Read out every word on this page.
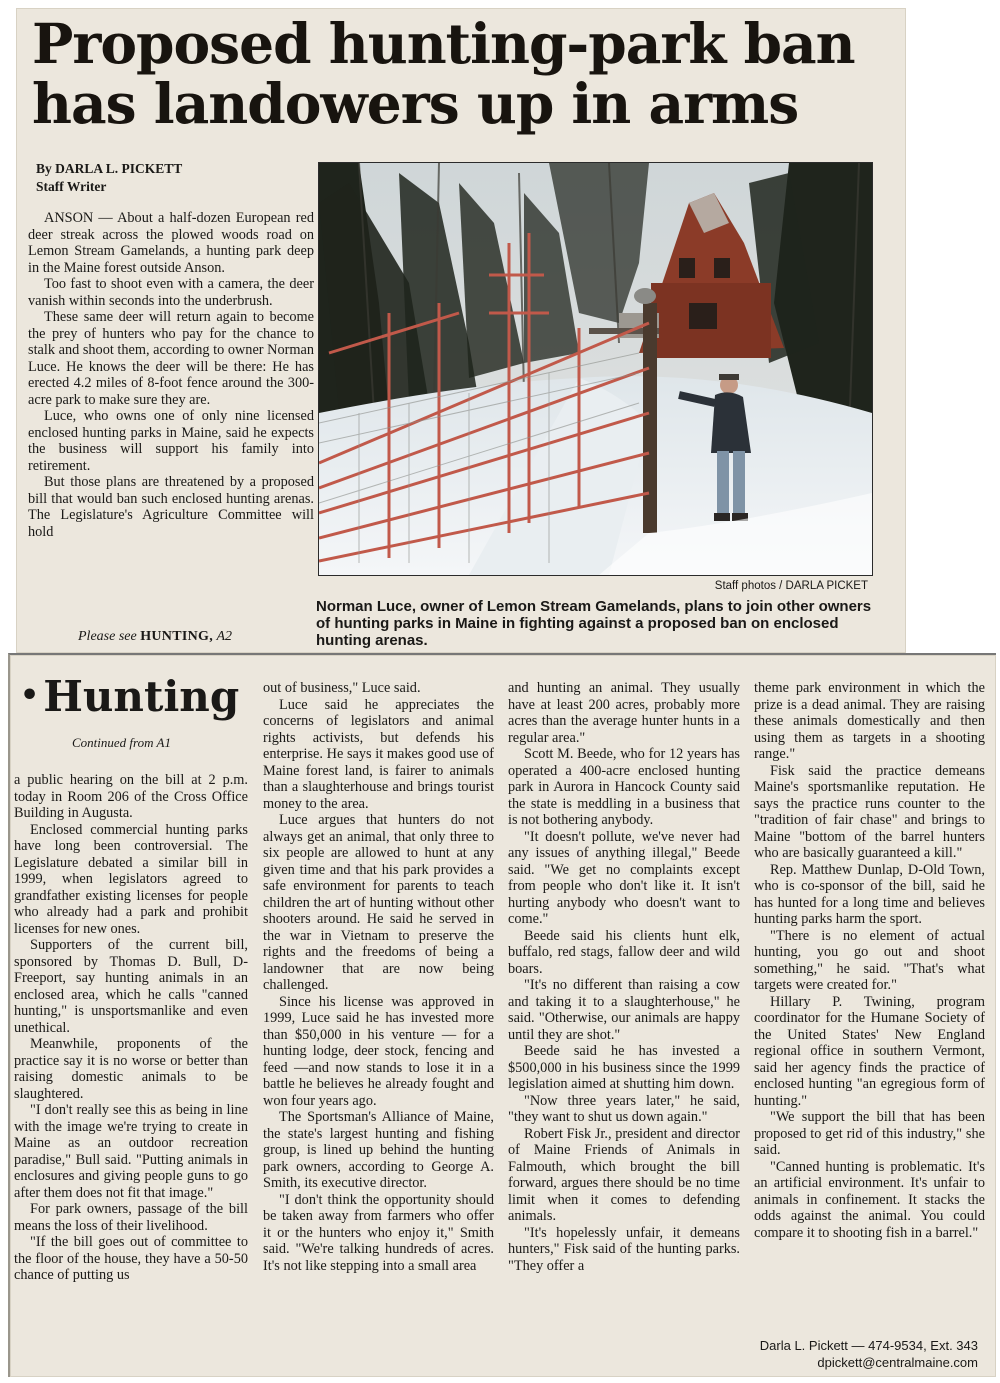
Proposed hunting-park ban
has landowers up in arms

By DARLA L. PICKETT
Staff Writer

ANSON — About a half-dozen European red deer streak across the plowed woods road on Lemon Stream Gamelands, a hunting park deep in the Maine forest outside Anson.

Too fast to shoot even with a camera, the deer vanish within seconds into the underbrush.

These same deer will return again to become the prey of hunters who pay for the chance to stalk and shoot them, according to owner Norman Luce. He knows the deer will be there: He has erected 4.2 miles of 8-foot fence around the 300-acre park to make sure they are.

Luce, who owns one of only nine licensed enclosed hunting parks in Maine, said he expects the business will support his family into retirement.

But those plans are threatened by a proposed bill that would ban such enclosed hunting arenas. The Legislature's Agriculture Committee will hold

Please see HUNTING, A2

Staff photos / DARLA PICKET

Norman Luce, owner of Lemon Stream Gamelands, plans to join other owners of hunting parks in Maine in fighting against a proposed ban on enclosed hunting arenas.

•Hunting

Continued from A1

a public hearing on the bill at 2 p.m. today in Room 206 of the Cross Office Building in Augusta.

Enclosed commercial hunting parks have long been controversial. The Legislature debated a similar bill in 1999, when legislators agreed to grandfather existing licenses for people who already had a park and prohibit licenses for new ones.

Supporters of the current bill, sponsored by Thomas D. Bull, D-Freeport, say hunting animals in an enclosed area, which he calls "canned hunting," is unsportsmanlike and even unethical.

Meanwhile, proponents of the practice say it is no worse or better than raising domestic animals to be slaughtered.

"I don't really see this as being in line with the image we're trying to create in Maine as an outdoor recreation paradise," Bull said. "Putting animals in enclosures and giving people guns to go after them does not fit that image."

For park owners, passage of the bill means the loss of their livelihood.

"If the bill goes out of committee to the floor of the house, they have a 50-50 chance of putting us

out of business," Luce said.

Luce said he appreciates the concerns of legislators and animal rights activists, but defends his enterprise. He says it makes good use of Maine forest land, is fairer to animals than a slaughterhouse and brings tourist money to the area.

Luce argues that hunters do not always get an animal, that only three to six people are allowed to hunt at any given time and that his park provides a safe environment for parents to teach children the art of hunting without other shooters around. He said he served in the war in Vietnam to preserve the rights and the freedoms of being a landowner that are now being challenged.

Since his license was approved in 1999, Luce said he has invested more than $50,000 in his venture — for a hunting lodge, deer stock, fencing and feed —and now stands to lose it in a battle he believes he already fought and won four years ago.

The Sportsman's Alliance of Maine, the state's largest hunting and fishing group, is lined up behind the hunting park owners, according to George A. Smith, its executive director.

"I don't think the opportunity should be taken away from farmers who offer it or the hunters who enjoy it," Smith said. "We're talking hundreds of acres. It's not like stepping into a small area

and hunting an animal. They usually have at least 200 acres, probably more acres than the average hunter hunts in a regular area."

Scott M. Beede, who for 12 years has operated a 400-acre enclosed hunting park in Aurora in Hancock County said the state is meddling in a business that is not bothering anybody.

"It doesn't pollute, we've never had any issues of anything illegal," Beede said. "We get no complaints except from people who don't like it. It isn't hurting anybody who doesn't want to come."

Beede said his clients hunt elk, buffalo, red stags, fallow deer and wild boars.

"It's no different than raising a cow and taking it to a slaughterhouse," he said. "Otherwise, our animals are happy until they are shot."

Beede said he has invested a $500,000 in his business since the 1999 legislation aimed at shutting him down.

"Now three years later," he said, "they want to shut us down again."

Robert Fisk Jr., president and director of Maine Friends of Animals in Falmouth, which brought the bill forward, argues there should be no time limit when it comes to defending animals.

"It's hopelessly unfair, it demeans hunters," Fisk said of the hunting parks. "They offer a

theme park environment in which the prize is a dead animal. They are raising these animals domestically and then using them as targets in a shooting range."

Fisk said the practice demeans Maine's sportsmanlike reputation. He says the practice runs counter to the "tradition of fair chase" and brings to Maine "bottom of the barrel hunters who are basically guaranteed a kill."

Rep. Matthew Dunlap, D-Old Town, who is co-sponsor of the bill, said he has hunted for a long time and believes hunting parks harm the sport.

"There is no element of actual hunting, you go out and shoot something," he said. "That's what targets were created for."

Hillary P. Twining, program coordinator for the Humane Society of the United States' New England regional office in southern Vermont, said her agency finds the practice of enclosed hunting "an egregious form of hunting."

"We support the bill that has been proposed to get rid of this industry," she said.

"Canned hunting is problematic. It's an artificial environment. It's unfair to animals in confinement. It stacks the odds against the animal. You could compare it to shooting fish in a barrel."

Darla L. Pickett — 474-9534, Ext. 343
dpickett@centralmaine.com
